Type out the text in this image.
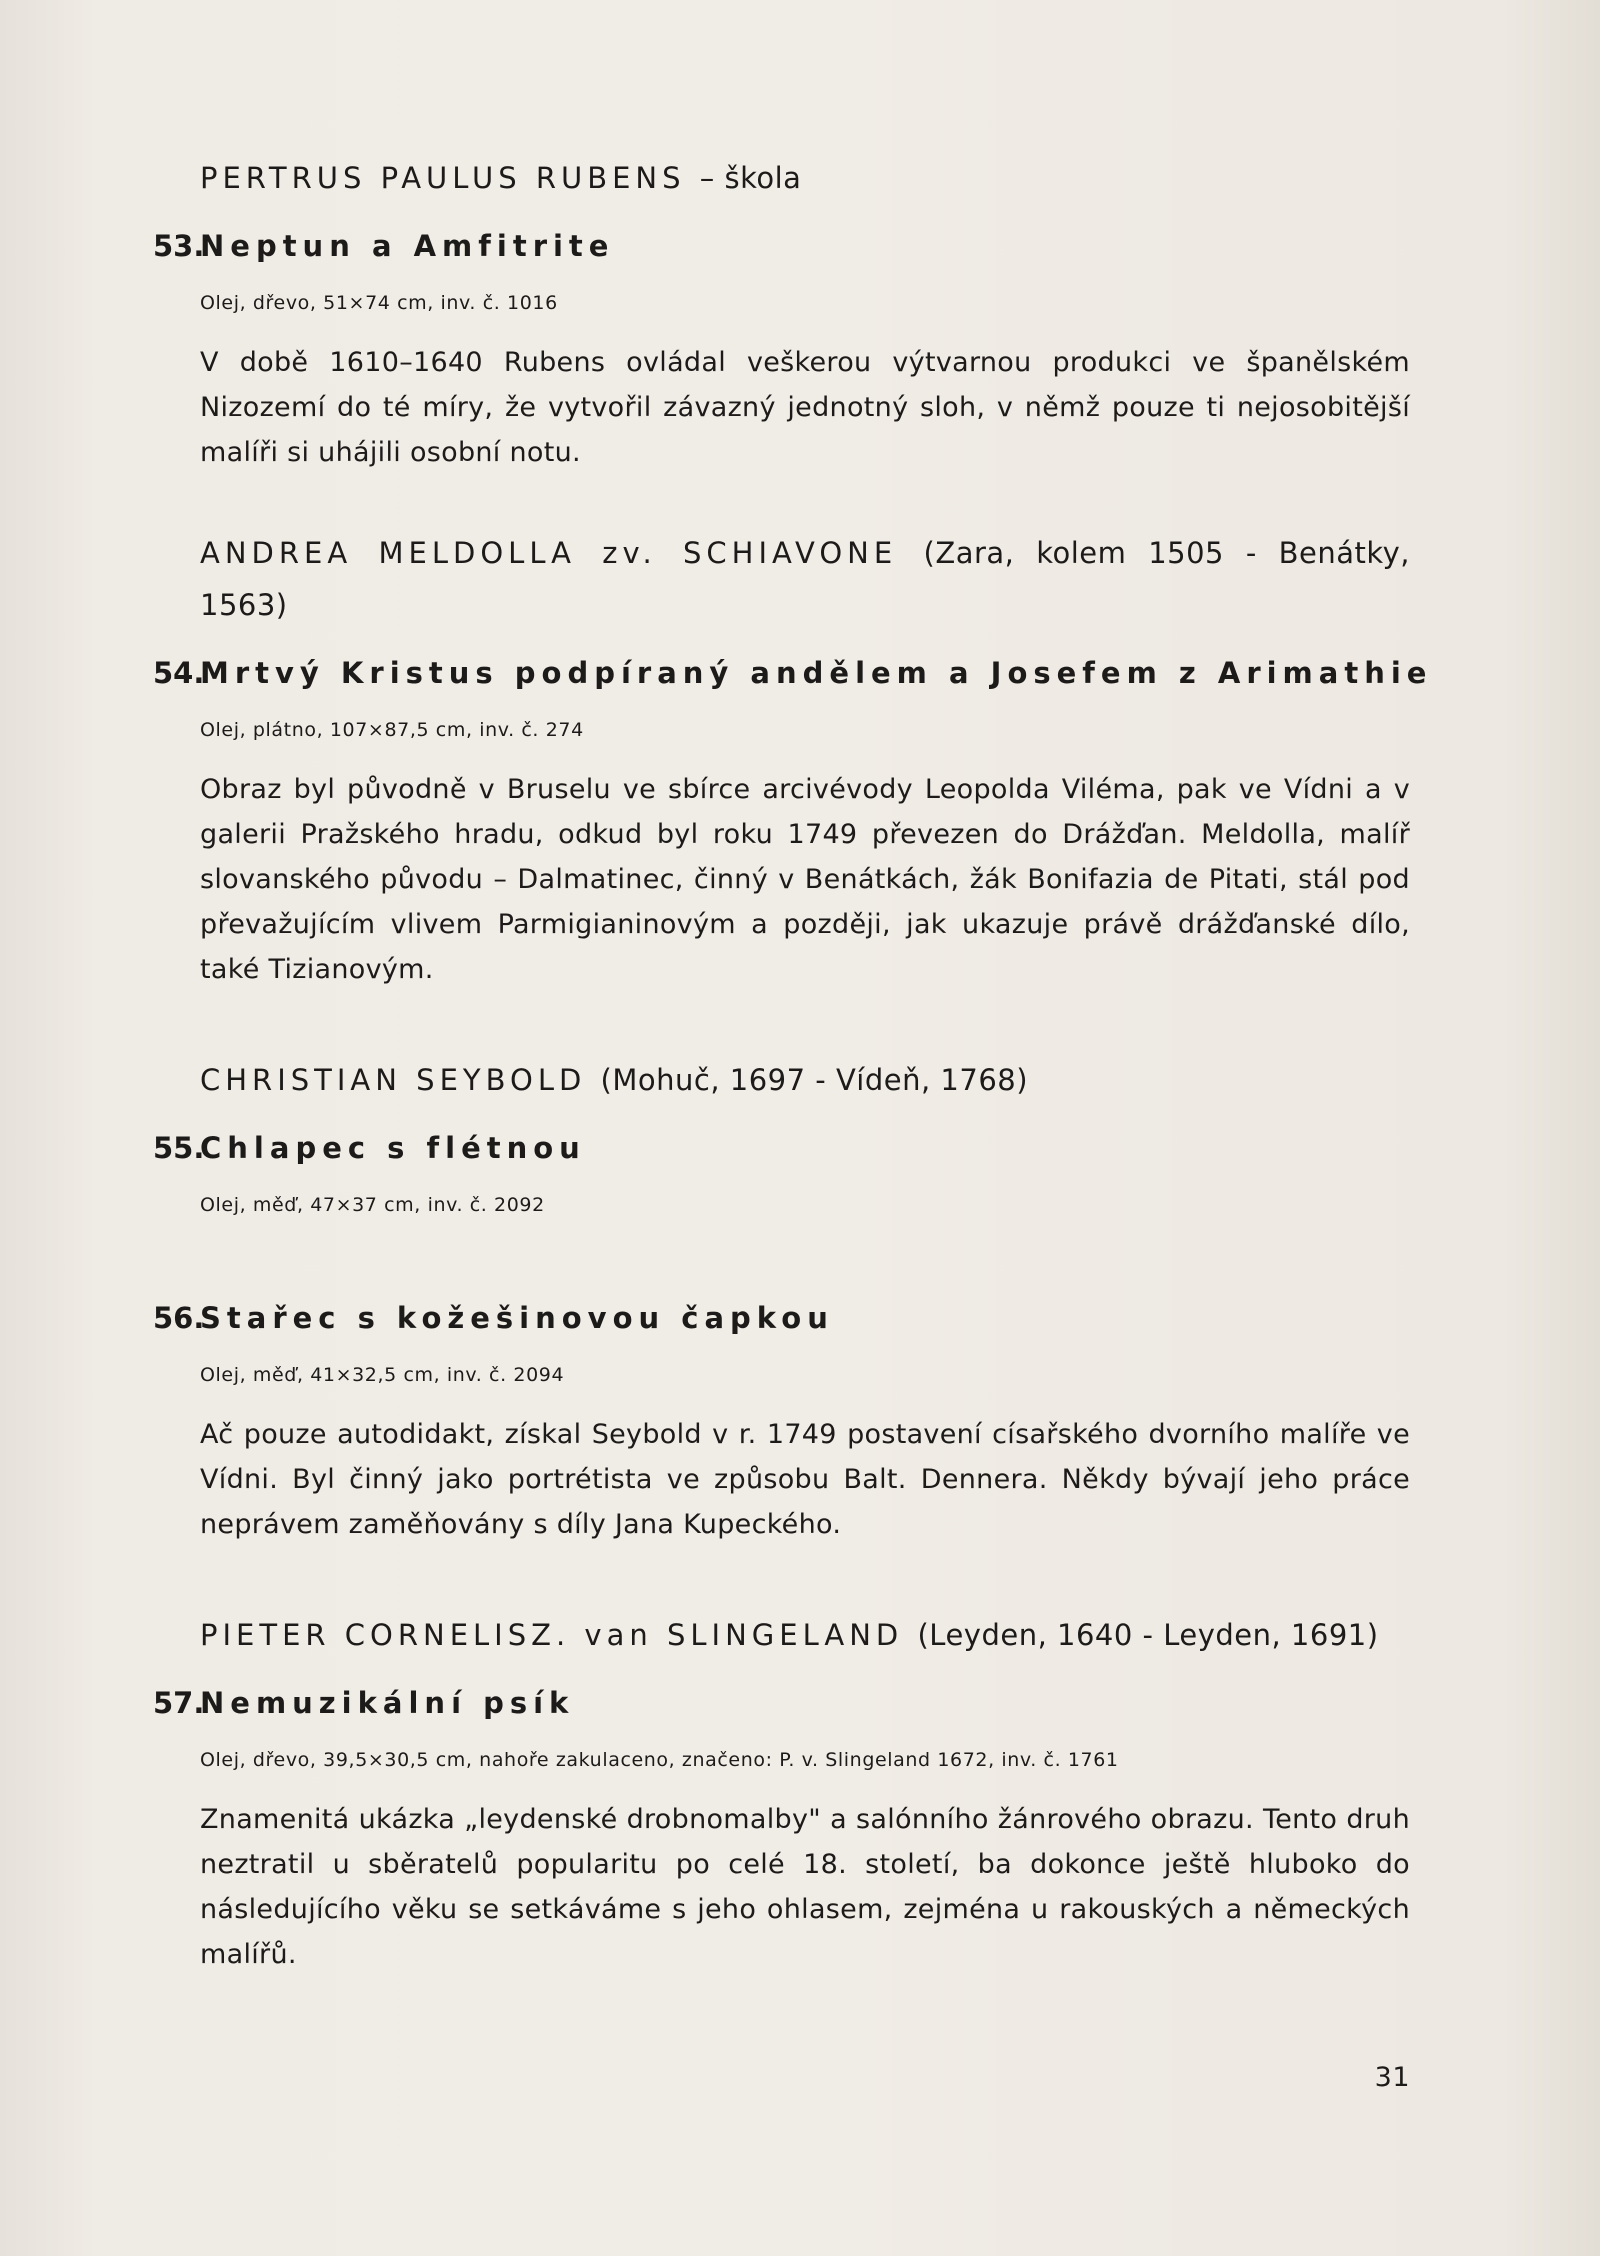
PERTRUS PAULUS RUBENS – škola

53.
Neptun a Amfitrite

Olej, dřevo, 51×74 cm, inv. č. 1016

V době 1610–1640 Rubens ovládal veškerou výtvarnou produkci ve španělském Nizozemí do té míry, že vytvořil závazný jednotný sloh, v němž pouze ti nejosobitější malíři si uhájili osobní notu.

ANDREA MELDOLLA zv. SCHIAVONE (Zara, kolem 1505 - Benátky, 1563)

54.
Mrtvý Kristus podpíraný andělem a Josefem z Arimathie

Olej, plátno, 107×87,5 cm, inv. č. 274

Obraz byl původně v Bruselu ve sbírce arcivévody Leopolda Viléma, pak ve Vídni a v galerii Pražského hradu, odkud byl roku 1749 převezen do Drážďan. Meldolla, malíř slovanského původu – Dalmatinec, činný v Benátkách, žák Bonifazia de Pitati, stál pod převažujícím vlivem Parmigianinovým a později, jak ukazuje právě drážďanské dílo, také Tizianovým.

CHRISTIAN SEYBOLD (Mohuč, 1697 - Vídeň, 1768)

55.
Chlapec s flétnou

Olej, měď, 47×37 cm, inv. č. 2092

56.
Stařec s kožešinovou čapkou

Olej, měď, 41×32,5 cm, inv. č. 2094

Ač pouze autodidakt, získal Seybold v r. 1749 postavení císařského dvorního malíře ve Vídni. Byl činný jako portrétista ve způsobu Balt. Dennera. Někdy bývají jeho práce neprávem zaměňovány s díly Jana Kupeckého.

PIETER CORNELISZ. van SLINGELAND (Leyden, 1640 - Leyden, 1691)

57.
Nemuzikální psík

Olej, dřevo, 39,5×30,5 cm, nahoře zakulaceno, značeno: P. v. Slingeland 1672, inv. č. 1761

Znamenitá ukázka „leydenské drobnomalby" a salónního žánrového obrazu. Tento druh neztratil u sběratelů popularitu po celé 18. století, ba dokonce ještě hluboko do následujícího věku se setkáváme s jeho ohlasem, zejména u rakouských a německých malířů.

31
